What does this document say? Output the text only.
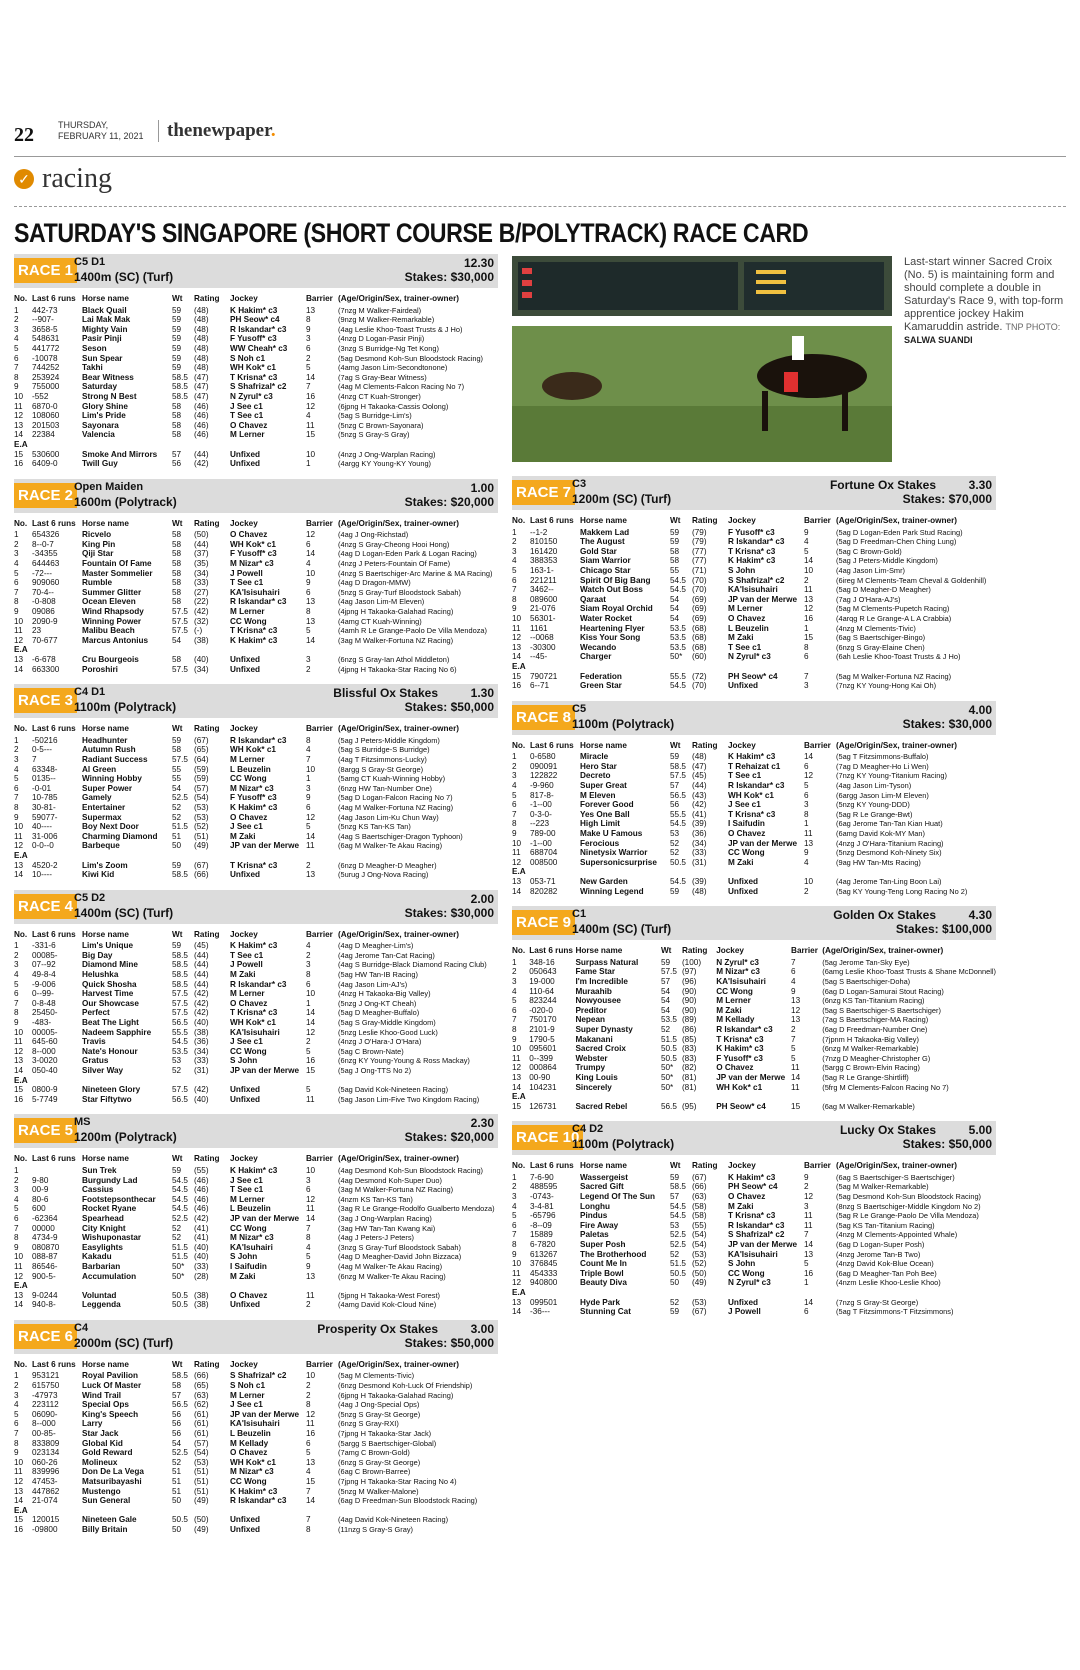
22	THURSDAY,
FEBRUARY 11, 2021	thenewpaper.
✓ racing
SATURDAY'S SINGAPORE (SHORT COURSE B/POLYTRACK) RACE CARD
Last-start winner Sacred Croix (No. 5) is maintaining form and should complete a double in Saturday's Race 9, with top-form apprentice jockey Hakim Kamaruddin astride. TNP PHOTO:
SALWA SUANDI
RACE 1 C5 D1
1400m (SC) (Turf)
12.30
Stakes: $30,000
No.	Last 6 runs	Horse name	Wt	Rating	Jockey	Barrier	(Age/Origin/Sex, trainer-owner)
1	442-73	Black Quail	59	(48)	K Hakim* c3	13	(7nzg M Walker-Fairdeal)
2	--907-	Lai Mak Mak	59	(48)	PH Seow* c4	8	(9nzg M Walker-Remarkable)
3	3658-5	Mighty Vain	59	(48)	R Iskandar* c3	9	(4ag Leslie Khoo-Toast Trusts & J Ho)
4	548631	Pasir Pinji	59	(48)	F Yusoff* c3	3	(4nzg D Logan-Pasir Pinji)
5	441772	Seson	59	(48)	WW Cheah* c3	6	(3nzg S Burridge-Ng Tet Kong)
6	-10078	Sun Spear	59	(48)	S Noh c1	2	(5ag Desmond Koh-Sun Bloodstock Racing)
7	744252	Takhi	59	(48)	WH Kok* c1	5	(4amg Jason Lim-Secondtonone)
8	253924	Bear Witness	58.5	(47)	T Krisna* c3	14	(7ag S Gray-Bear Witness)
9	755000	Saturday	58.5	(47)	S Shafrizal* c2	7	(4ag M Clements-Falcon Racing No 7)
10	-552	Strong N Best	58.5	(47)	N Zyrul* c3	16	(4nzg CT Kuah-Stronger)
11	6870-0	Glory Shine	58	(46)	J See c1	12	(6jpng H Takaoka-Cassis Oolong)
12	108060	Lim's Pride	58	(46)	T See c1	4	(5ag S Burridge-Lim's)
13	201503	Sayonara	58	(46)	O Chavez	11	(5nzg C Brown-Sayonara)
14	22384	Valencia	58	(46)	M Lerner	15	(5nzg S Gray-S Gray)
E.A							
15	530600	Smoke And Mirrors	57	(44)	Unfixed	10	(4nzg J Ong-Warplan Racing)
16	6409-0	Twill Guy	56	(42)	Unfixed	1	(4argg KY Young-KY Young)
RACE 2 Open Maiden
1600m (Polytrack)
1.00
Stakes: $20,000
No.	Last 6 runs	Horse name	Wt	Rating	Jockey	Barrier	(Age/Origin/Sex, trainer-owner)
1	654326	Ricvelo	58	(50)	O Chavez	12	(4ag J Ong-Richstad)
2	8--0-7	King Pin	58	(44)	WH Kok* c1	6	(4nzg S Gray-Cheong Hooi Hong)
3	-34355	Qiji Star	58	(37)	F Yusoff* c3	14	(4ag D Logan-Eden Park & Logan Racing)
4	644463	Fountain Of Fame	58	(35)	M Nizar* c3	4	(4nzg J Peters-Fountain Of Fame)
5	-72---	Master Sommelier	58	(34)	J Powell	10	(4nzg S Baertschiger-Arc Marine & MA Racing)
6	909060	Rumble	58	(33)	T See c1	9	(4ag D Dragon-MMW)
7	70-4--	Summer Glitter	58	(27)	KA'Isisuhairi	6	(5nzg S Gray-Turf Bloodstock Sabah)
8	-0-808	Ocean Eleven	58	(22)	R Iskandar* c3	13	(4ag Jason Lim-M Eleven)
9	09086	Wind Rhapsody	57.5	(42)	M Lerner	8	(4jpng H Takaoka-Galahad Racing)
10	2090-9	Winning Power	57.5	(32)	CC Wong	13	(4amg CT Kuah-Winning)
11	23	Malibu Beach	57.5	(-)	T Krisna* c3	5	(4amh R Le Grange-Paolo De Villa Mendoza)
12	70-677	Marcus Antonius	54	(38)	K Hakim* c3	14	(3ag M Walker-Fortuna NZ Racing)
E.A							
13	-6-678	Cru Bourgeois	58	(40)	Unfixed	3	(6nzg S Gray-Ian Athol Middleton)
14	663300	Poroshiri	57.5	(34)	Unfixed	2	(4jpng H Takaoka-Star Racing No 6)
RACE 3 C4 D1
1100m (Polytrack)
Blissful Ox Stakes	1.30
Stakes: $50,000
No.	Last 6 runs	Horse name	Wt	Rating	Jockey	Barrier	(Age/Origin/Sex, trainer-owner)
1	-50216	Headhunter	59	(67)	R Iskandar* c3	8	(5ag J Peters-Middle Kingdom)
2	0-5---	Autumn Rush	58	(65)	WH Kok* c1	4	(5ag S Burridge-S Burridge)
3	7	Radiant Success	57.5	(64)	M Lerner	7	(4ag T Fitzsimmons-Lucky)
4	63348-	Al Green	55	(59)	L Beuzelin	10	(8argg S Gray-St George)
5	0135--	Winning Hobby	55	(59)	CC Wong	1	(5amg CT Kuah-Winning Hobby)
6	-0-01	Super Power	54	(57)	M Nizar* c3	3	(6nzg HW Tan-Number One)
7	10-785	Gamely	52.5	(54)	F Yusoff* c3	9	(5ag D Logan-Falcon Racing No 7)
8	30-81-	Entertainer	52	(53)	K Hakim* c3	6	(4ag M Walker-Fortuna NZ Racing)
9	59077-	Supermax	52	(53)	O Chavez	12	(4ag Jason Lim-Ku Chun Way)
10	40----	Boy Next Door	51.5	(52)	J See c1	5	(5nzg KS Tan-KS Tan)
11	31-006	Charming Diamond	51	(51)	M Zaki	14	(4ag S Baertschiger-Dragon Typhoon)
12	0-0--0	Barbeque	50	(49)	JP van der Merwe	11	(6ag M Walker-Te Akau Racing)
E.A							
13	4520-2	Lim's Zoom	59	(67)	T Krisna* c3	2	(6nzg D Meagher-D Meagher)
14	10----	Kiwi Kid	58.5	(66)	Unfixed	13	(5urug J Ong-Nova Racing)
RACE 4 C5 D2
1400m (SC) (Turf)
2.00
Stakes: $30,000
No.	Last 6 runs	Horse name	Wt	Rating	Jockey	Barrier	(Age/Origin/Sex, trainer-owner)
1	-331-6	Lim's Unique	59	(45)	K Hakim* c3	4	(4ag D Meagher-Lim's)
2	00085-	Big Day	58.5	(44)	T See c1	2	(4ag Jerome Tan-Cat Racing)
3	07--92	Diamond Mine	58.5	(44)	J Powell	3	(4ag S Burridge-Black Diamond Racing Club)
4	49-8-4	Helushka	58.5	(44)	M Zaki	8	(5ag HW Tan-IB Racing)
5	-9-006	Quick Shosha	58.5	(44)	R Iskandar* c3	6	(4ag Jason Lim-AJ's)
6	0--99-	Harvest Time	57.5	(42)	M Lerner	10	(4nzg H Takaoka-Big Valley)
7	0-8-48	Our Showcase	57.5	(42)	O Chavez	1	(5nzg J Ong-KT Cheah)
8	25450-	Perfect	57.5	(42)	T Krisna* c3	14	(5ag D Meagher-Buffalo)
9	-483-	Beat The Light	56.5	(40)	WH Kok* c1	14	(5ag S Gray-Middle Kingdom)
10	00005-	Nadeem Sapphire	55.5	(38)	KA'Isisuhairi	12	(5nzg Leslie Khoo-Good Luck)
11	645-60	Travis	54.5	(36)	J See c1	2	(4nzg J O'Hara-J O'Hara)
12	8--000	Nate's Honour	53.5	(34)	CC Wong	5	(5ag C Brown-Nate)
13	3-0020	Gratus	53	(33)	S John	16	(6nzg KY Young-Young & Ross Mackay)
14	050-40	Silver Way	52	(31)	JP van der Merwe	15	(5ag J Ong-TTS No 2)
E.A							
15	0800-9	Nineteen Glory	57.5	(42)	Unfixed	5	(5ag David Kok-Nineteen Racing)
16	5-7749	Star Fiftytwo	56.5	(40)	Unfixed	11	(5ag Jason Lim-Five Two Kingdom Racing)
RACE 5 MS
1200m (Polytrack)
2.30
Stakes: $20,000
No.	Last 6 runs	Horse name	Wt	Rating	Jockey	Barrier	(Age/Origin/Sex, trainer-owner)
1		Sun Trek	59	(55)	K Hakim* c3	10	(4ag Desmond Koh-Sun Bloodstock Racing)
2	9-80	Burgundy Lad	54.5	(46)	J See c1	3	(4ag Desmond Koh-Super Duo)
3	00-9	Cassius	54.5	(46)	T See c1	6	(3ag M Walker-Fortuna NZ Racing)
4	80-6	Footstepsonthecar	54.5	(46)	M Lerner	12	(4nzm KS Tan-KS Tan)
5	600	Rocket Ryane	54.5	(46)	L Beuzelin	11	(3ag R Le Grange-Rodolfo Gualberto Mendoza)
6	-62364	Spearhead	52.5	(42)	JP van der Merwe	14	(3ag J Ong-Warplan Racing)
7	00000	City Knight	52	(41)	CC Wong	7	(3ag HW Tan-Tan Kwang Kai)
8	4734-9	Wishuponastar	52	(41)	M Nizar* c3	8	(4ag J Peters-J Peters)
9	080870	Easylights	51.5	(40)	KA'Isuhairi	4	(3nzg S Gray-Turf Bloodstock Sabah)
10	088-87	Kakadu	51.5	(40)	S John	5	(4ag D Meagher-David John Bizzaca)
11	86546-	Barbarian	50*	(33)	I Saifudin	9	(4ag M Walker-Te Akau Racing)
12	900-5-	Accumulation	50*	(28)	M Zaki	13	(6nzg M Walker-Te Akau Racing)
E.A							
13	9-0244	Voluntad	50.5	(38)	O Chavez	11	(5jpng H Takaoka-West Forest)
14	940-8-	Leggenda	50.5	(38)	Unfixed	2	(4amg David Kok-Cloud Nine)
RACE 6 C4
2000m (SC) (Turf)
Prosperity Ox Stakes	3.00
Stakes: $50,000
No.	Last 6 runs	Horse name	Wt	Rating	Jockey	Barrier	(Age/Origin/Sex, trainer-owner)
1	953121	Royal Pavilion	58.5	(66)	S Shafrizal* c2	10	(5ag M Clements-Tivic)
2	615750	Luck Of Master	58	(65)	S Noh c1	2	(6nzg Desmond Koh-Luck Of Friendship)
3	-47973	Wind Trail	57	(63)	M Lerner	2	(6jpng H Takaoka-Galahad Racing)
4	223112	Special Ops	56.5	(62)	J See c1	8	(4ag J Ong-Special Ops)
5	06090-	King's Speech	56	(61)	JP van der Merwe	12	(5nzg S Gray-St George)
6	8--000	Larry	56	(61)	KA'Isisuhairi	11	(6nzg S Gray-RXI)
7	00-85-	Star Jack	56	(61)	L Beuzelin	16	(7jpng H Takaoka-Star Jack)
8	833809	Global Kid	54	(57)	M Kellady	6	(5argg S Baertschiger-Global)
9	023134	Gold Reward	52.5	(54)	O Chavez	5	(7amg C Brown-Gold)
10	060-26	Molineux	52	(53)	WH Kok* c1	13	(6nzg S Gray-St George)
11	839996	Don De La Vega	51	(51)	M Nizar* c3	4	(6ag C Brown-Barree)
12	47453-	Matsuribayashi	51	(51)	CC Wong	15	(7jpng H Takaoka-Star Racing No 4)
13	447862	Mustengo	51	(51)	K Hakim* c3	7	(5nzg M Walker-Malone)
14	21-074	Sun General	50	(49)	R Iskandar* c3	14	(6ag D Freedman-Sun Bloodstock Racing)
E.A							
15	120015	Nineteen Gale	50.5	(50)	Unfixed	7	(4ag David Kok-Nineteen Racing)
16	-09800	Billy Britain	50	(49)	Unfixed	8	(11nzg S Gray-S Gray)
RACE 7 C3
1200m (SC) (Turf)
Fortune Ox Stakes	3.30
Stakes: $70,000
No.	Last 6 runs	Horse name	Wt	Rating	Jockey	Barrier	(Age/Origin/Sex, trainer-owner)
1	--1-2	Makkem Lad	59	(79)	F Yusoff* c3	9	(5ag D Logan-Eden Park Stud Racing)
2	810150	The August	59	(79)	R Iskandar* c3	4	(5ag D Freedman-Chen Ching Lung)
3	161420	Gold Star	58	(77)	T Krisna* c3	5	(5ag C Brown-Gold)
4	388353	Siam Warrior	58	(77)	K Hakim* c3	14	(5ag J Peters-Middle Kingdom)
5	163-1-	Chicago Star	55	(71)	S John	10	(4ag Jason Lim-Smr)
6	221211	Spirit Of Big Bang	54.5	(70)	S Shafrizal* c2	2	(6ireg M Clements-Team Cheval & Goldenhill)
7	3462--	Watch Out Boss	54.5	(70)	KA'Isisuhairi	11	(5ag D Meagher-D Meagher)
8	089600	Qaraat	54	(69)	JP van der Merwe	13	(7ag J O'Hara-AJ's)
9	21-076	Siam Royal Orchid	54	(69)	M Lerner	12	(5ag M Clements-Pupetch Racing)
10	56301-	Water Rocket	54	(69)	O Chavez	16	(4arqg R Le Grange-A L A Crabbia)
11	1161	Heartening Flyer	53.5	(68)	L Beuzelin	1	(4nzg M Clements-Tivic)
12	--0068	Kiss Your Song	53.5	(68)	M Zaki	15	(6ag S Baertschiger-Bingo)
13	-30300	Wecando	53.5	(68)	T See c1	8	(6nzg S Gray-Elaine Chen)
14	--45-	Charger	50*	(60)	N Zyrul* c3	6	(6ah Leslie Khoo-Toast Trusts & J Ho)
E.A							
15	790721	Federation	55.5	(72)	PH Seow* c4	7	(5ag M Walker-Fortuna NZ Racing)
16	6--71	Green Star	54.5	(70)	Unfixed	3	(7nzg KY Young-Hong Kai Oh)
RACE 8 C5
1100m (Polytrack)
4.00
Stakes: $30,000
No.	Last 6 runs	Horse name	Wt	Rating	Jockey	Barrier	(Age/Origin/Sex, trainer-owner)
1	0-6580	Miracle	59	(48)	K Hakim* c3	14	(5ag T Fitzsimmons-Buffalo)
2	090091	Hero Star	58.5	(47)	T Rehaizat c1	6	(7ag D Meagher-Ho Li Wen)
3	122822	Decreto	57.5	(45)	T See c1	12	(7nzg KY Young-Titanium Racing)
4	-9-960	Super Great	57	(44)	R Iskandar* c3	5	(4ag Jason Lim-Tyson)
5	817-8-	M Eleven	56.5	(43)	WH Kok* c1	6	(6argg Jason Lim-M Eleven)
6	-1--00	Forever Good	56	(42)	J See c1	3	(5nzg KY Young-DDD)
7	0-3-0-	Yes One Ball	55.5	(41)	T Krisna* c3	8	(5ag R Le Grange-Bwt)
8	--223	High Limit	54.5	(39)	I Saifudin	1	(6ag Jerome Tan-Tan Kian Huat)
9	789-00	Make U Famous	53	(36)	O Chavez	11	(6amg David Kok-MY Man)
10	-1--00	Ferocious	52	(34)	JP van der Merwe	13	(4nzg J O'Hara-Titanium Racing)
11	688704	Ninetysix Warrior	52	(33)	CC Wong	9	(5nzg Desmond Koh-Ninety Six)
12	008500	Supersonicsurprise	50.5	(31)	M Zaki	4	(9ag HW Tan-Mts Racing)
E.A							
13	053-71	New Garden	54.5	(39)	Unfixed	10	(4ag Jerome Tan-Ling Boon Lai)
14	820282	Winning Legend	59	(48)	Unfixed	2	(5ag KY Young-Teng Long Racing No 2)
RACE 9 C1
1400m (SC) (Turf)
Golden Ox Stakes	4.30
Stakes: $100,000
No.	Last 6 runs	Horse name	Wt	Rating	Jockey	Barrier	(Age/Origin/Sex, trainer-owner)
1	348-16	Surpass Natural	59	(100)	N Zyrul* c3	7	(5ag Jerome Tan-Sky Eye)
2	050643	Fame Star	57.5	(97)	M Nizar* c3	6	(6amg Leslie Khoo-Toast Trusts & Shane McDonnell)
3	19-000	I'm Incredible	57	(96)	KA'Isisuhairi	4	(5ag S Baertschiger-Doha)
4	110-64	Muraahib	54	(90)	CC Wong	9	(6ag D Logan-Samurai Stout Racing)
5	823244	Nowyousee	54	(90)	M Lerner	13	(6nzg KS Tan-Titanium Racing)
6	-020-0	Preditor	54	(90)	M Zaki	12	(5ag S Baertschiger-S Baertschiger)
7	750170	Nepean	53.5	(89)	M Kellady	13	(7ag S Baertschiger-MA Racing)
8	2101-9	Super Dynasty	52	(86)	R Iskandar* c3	2	(6ag D Freedman-Number One)
9	1790-5	Makanani	51.5	(85)	T Krisna* c3	7	(7jpnm H Takaoka-Big Valley)
10	095601	Sacred Croix	50.5	(83)	K Hakim* c3	5	(6nzg M Walker-Remarkable)
11	0--399	Webster	50.5	(83)	F Yusoff* c3	5	(7nzg D Meagher-Christopher G)
12	000864	Trumpy	50*	(82)	O Chavez	11	(5argg C Brown-Elvin Racing)
13	00-90	King Louis	50*	(81)	JP van der Merwe	14	(5ag R Le Grange-Shirtliff)
14	104231	Sincerely	50*	(81)	WH Kok* c1	11	(5frg M Clements-Falcon Racing No 7)
E.A							
15	126731	Sacred Rebel	56.5	(95)	PH Seow* c4	15	(6ag M Walker-Remarkable)
RACE 10
C4 D2
1100m (Polytrack)
Lucky Ox Stakes	5.00
Stakes: $50,000
No.	Last 6 runs	Horse name	Wt	Rating	Jockey	Barrier	(Age/Origin/Sex, trainer-owner)
1	7-6-90	Wassergeist	59	(67)	K Hakim* c3	9	(6ag S Baertschiger-S Baertschiger)
2	488595	Sacred Gift	58.5	(66)	PH Seow* c4	2	(5ag M Walker-Remarkable)
3	-0743-	Legend Of The Sun	57	(63)	O Chavez	12	(5ag Desmond Koh-Sun Bloodstock Racing)
4	3-4-81	Longhu	54.5	(58)	M Zaki	3	(8nzg S Baertschiger-Middle Kingdom No 2)
5	-65796	Pindus	54.5	(58)	T Krisna* c3	11	(5ag R Le Grange-Paolo De Villa Mendoza)
6	-8--09	Fire Away	53	(55)	R Iskandar* c3	11	(5ag KS Tan-Titanium Racing)
7	15889	Paletas	52.5	(54)	S Shafrizal* c2	7	(4nzg M Clements-Appointed Whale)
8	6-7820	Super Posh	52.5	(54)	JP van der Merwe	14	(6ag D Logan-Super Posh)
9	613267	The Brotherhood	52	(53)	KA'Isisuhairi	13	(4nzg Jerome Tan-B Two)
10	376845	Count Me In	51.5	(52)	S John	5	(4nzg David Kok-Blue Ocean)
11	454333	Triple Bowl	50.5	(50)	CC Wong	16	(6ag D Meagher-Tan Poh Bee)
12	940800	Beauty Diva	50	(49)	N Zyrul* c3	1	(4nzm Leslie Khoo-Leslie Khoo)
E.A							
13	099501	Hyde Park	52	(53)	Unfixed	14	(7nzg S Gray-St George)
14	-36---	Stunning Cat	59	(67)	J Powell	6	(5ag T Fitzsimmons-T Fitzsimmons)
